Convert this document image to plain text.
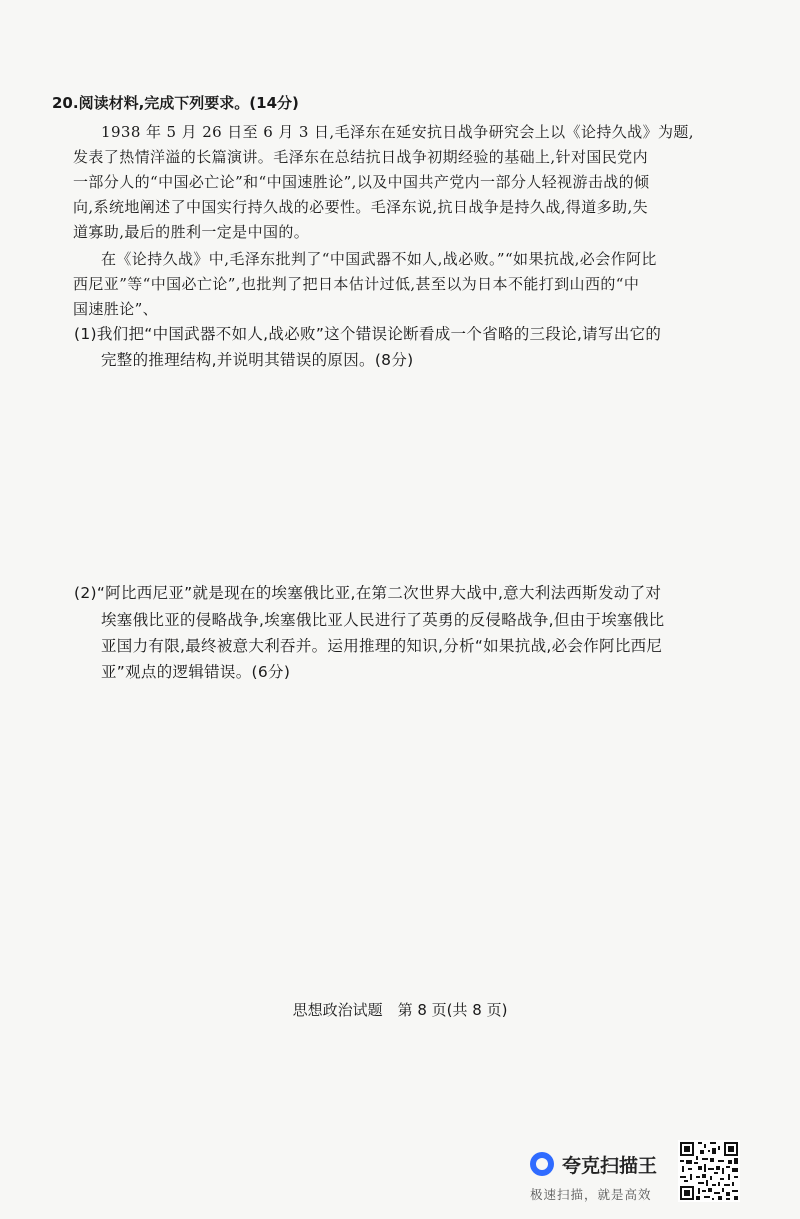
20.阅读材料,完成下列要求。(14分)
1938 年 5 月 26 日至 6 月 3 日,毛泽东在延安抗日战争研究会上以《论持久战》为题,
发表了热情洋溢的长篇演讲。毛泽东在总结抗日战争初期经验的基础上,针对国民党内
一部分人的“中国必亡论”和“中国速胜论”,以及中国共产党内一部分人轻视游击战的倾
向,系统地阐述了中国实行持久战的必要性。毛泽东说,抗日战争是持久战,得道多助,失
道寡助,最后的胜利一定是中国的。
在《论持久战》中,毛泽东批判了“中国武器不如人,战必败。”“如果抗战,必会作阿比
西尼亚”等“中国必亡论”,也批判了把日本估计过低,甚至以为日本不能打到山西的“中
国速胜论”、
(1)我们把“中国武器不如人,战必败”这个错误论断看成一个省略的三段论,请写出它的
完整的推理结构,并说明其错误的原因。(8分)
(2)“阿比西尼亚”就是现在的埃塞俄比亚,在第二次世界大战中,意大利法西斯发动了对
埃塞俄比亚的侵略战争,埃塞俄比亚人民进行了英勇的反侵略战争,但由于埃塞俄比
亚国力有限,最终被意大利吞并。运用推理的知识,分析“如果抗战,必会作阿比西尼
亚”观点的逻辑错误。(6分)
思想政治试题　第 8 页(共 8 页)
夸克扫描王
极速扫描，就是高效
